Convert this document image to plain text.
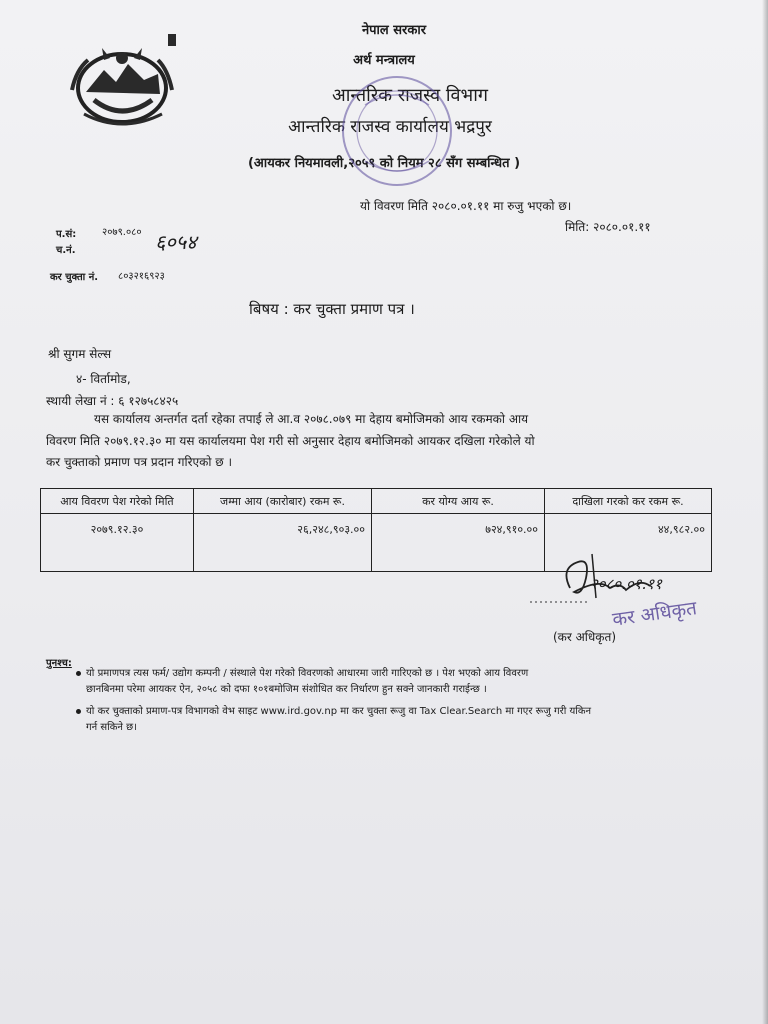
नेपाल सरकार
अर्थ मन्त्रालय
आन्तरिक राजस्व विभाग
आन्तरिक राजस्व कार्यालय भद्रपुर
(आयकर नियमावली,२०५९ को नियम २८ सँग सम्बन्धित )
यो विवरण मिति २०८०.०१.११ मा रुजु भएको छ।
मिति: २०८०.०१.११
प.सं:	२०७९.०८०
च.नं.	६०५४
कर चुक्ता नं. ८०३२१६९२३
बिषय : कर चुक्ता प्रमाण पत्र ।
श्री सुगम सेल्स
४- विर्तामोड,
स्थायी लेखा नं : ६ १२७५८४२५
यस कार्यालय अन्तर्गत दर्ता रहेका तपाई ले आ.व २०७८.०७९ मा देहाय बमोजिमको आय रकमको आय
विवरण मिति २०७९.१२.३० मा यस कार्यालयमा पेश गरी सो अनुसार देहाय बमोजिमको आयकर दखिला गरेकोले यो
कर चुक्ताको प्रमाण पत्र प्रदान गरिएको छ ।
आय विवरण पेश गरेको मिति	जम्मा आय (कारोबार) रकम रू.	कर योग्य आय रू.	दाखिला गरको कर रकम रू.
२०७९.१२.३०	२६,२४८,९०३.००	७२४,९१०.००	४४,९८२.००
२०८०.०१.११
(कर अधिकृत)
कर अधिकृत
पुनश्च:
यो प्रमाणपत्र त्यस फर्म/ उद्योग कम्पनी / संस्थाले पेश गरेको विवरणको आधारमा जारी गारिएको छ । पेश भएको आय विवरण
छानबिनमा परेमा आयकर ऐन, २०५८ को दफा १०१बमोजिम संशोधित कर निर्धारण हुन सक्ने जानकारी गराईन्छ ।
यो कर चुक्ताको प्रमाण-पत्र विभागको वेभ साइट www.ird.gov.np मा कर चुक्ता रूजु वा Tax Clear.Search मा गएर रूजु गरी यकिन
गर्न सकिने छ।
